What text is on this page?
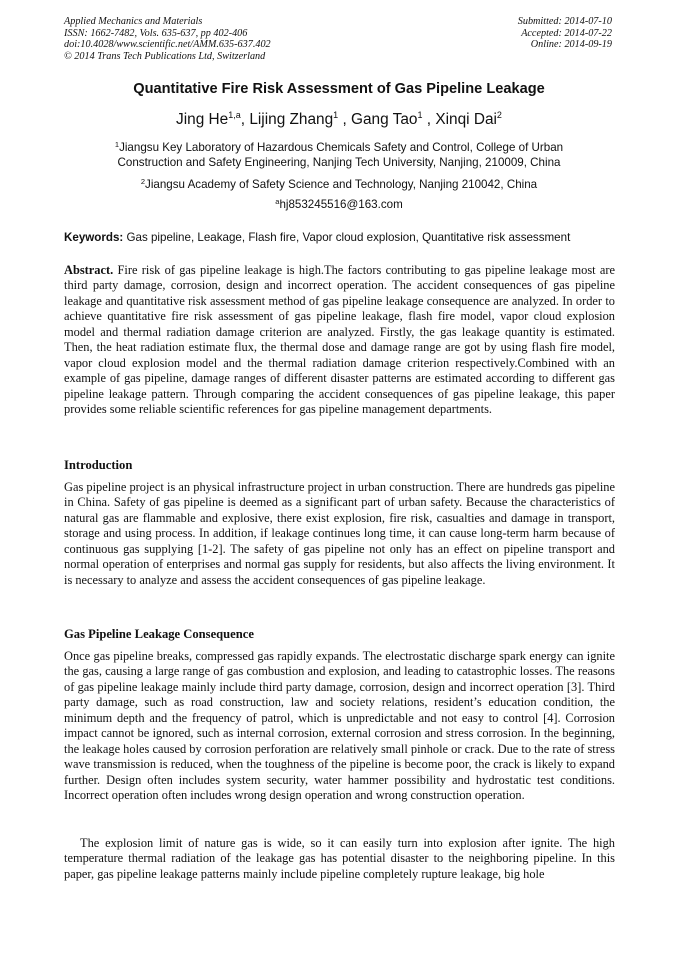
Applied Mechanics and Materials
ISSN: 1662-7482, Vols. 635-637, pp 402-406
doi:10.4028/www.scientific.net/AMM.635-637.402
© 2014 Trans Tech Publications Ltd, Switzerland
Submitted: 2014-07-10
Accepted: 2014-07-22
Online: 2014-09-19
Quantitative Fire Risk Assessment of Gas Pipeline Leakage
Jing He$^{1,a}$, Lijing Zhang$^1$ , Gang Tao$^1$ , Xinqi Dai$^2$
$^1$Jiangsu Key Laboratory of Hazardous Chemicals Safety and Control, College of Urban
Construction and Safety Engineering, Nanjing Tech University, Nanjing, 210009, China
$^2$Jiangsu Academy of Safety Science and Technology, Nanjing 210042, China
$^a$hj853245516@163.com
Keywords: Gas pipeline, Leakage, Flash fire, Vapor cloud explosion, Quantitative risk assessment
Abstract. Fire risk of gas pipeline leakage is high.The factors contributing to gas pipeline leakage most are third party damage, corrosion, design and incorrect operation. The accident consequences of gas pipeline leakage and quantitative risk assessment method of gas pipeline leakage consequence are analyzed. In order to achieve quantitative fire risk assessment of gas pipeline leakage, flash fire model, vapor cloud explosion model and thermal radiation damage criterion are analyzed. Firstly, the gas leakage quantity is estimated. Then, the heat radiation estimate flux, the thermal dose and damage range are got by using flash fire model, vapor cloud explosion model and the thermal radiation damage criterion respectively.Combined with an example of gas pipeline, damage ranges of different disaster patterns are estimated according to different gas pipeline leakage pattern. Through comparing the accident consequences of gas pipeline leakage, this paper provides some reliable scientific references for gas pipeline management departments.
Introduction
Gas pipeline project is an physical infrastructure project in urban construction. There are hundreds gas pipeline in China. Safety of gas pipeline is deemed as a significant part of urban safety. Because the characteristics of natural gas are flammable and explosive, there exist explosion, fire risk, casualties and damage in transport, storage and using process. In addition, if leakage continues long time, it can cause long-term harm because of continuous gas supplying [1-2]. The safety of gas pipeline not only has an effect on pipeline transport and normal operation of enterprises and normal gas supply for residents, but also affects the living environment. It is necessary to analyze and assess the accident consequences of gas pipeline leakage.
Gas Pipeline Leakage Consequence
Once gas pipeline breaks, compressed gas rapidly expands. The electrostatic discharge spark energy can ignite the gas, causing a large range of gas combustion and explosion, and leading to catastrophic losses. The reasons of gas pipeline leakage mainly include third party damage, corrosion, design and incorrect operation [3]. Third party damage, such as road construction, law and society relations, resident’s education condition, the minimum depth and the frequency of patrol, which is unpredictable and not easy to control [4]. Corrosion impact cannot be ignored, such as internal corrosion, external corrosion and stress corrosion. In the beginning, the leakage holes caused by corrosion perforation are relatively small pinhole or crack. Due to the rate of stress wave transmission is reduced, when the toughness of the pipeline is become poor, the crack is likely to expand further. Design often includes system security, water hammer possibility and hydrostatic test conditions. Incorrect operation often includes wrong design operation and wrong construction operation.
The explosion limit of nature gas is wide, so it can easily turn into explosion after ignite. The high temperature thermal radiation of the leakage gas has potential disaster to the neighboring pipeline. In this paper, gas pipeline leakage patterns mainly include pipeline completely rupture leakage, big hole
